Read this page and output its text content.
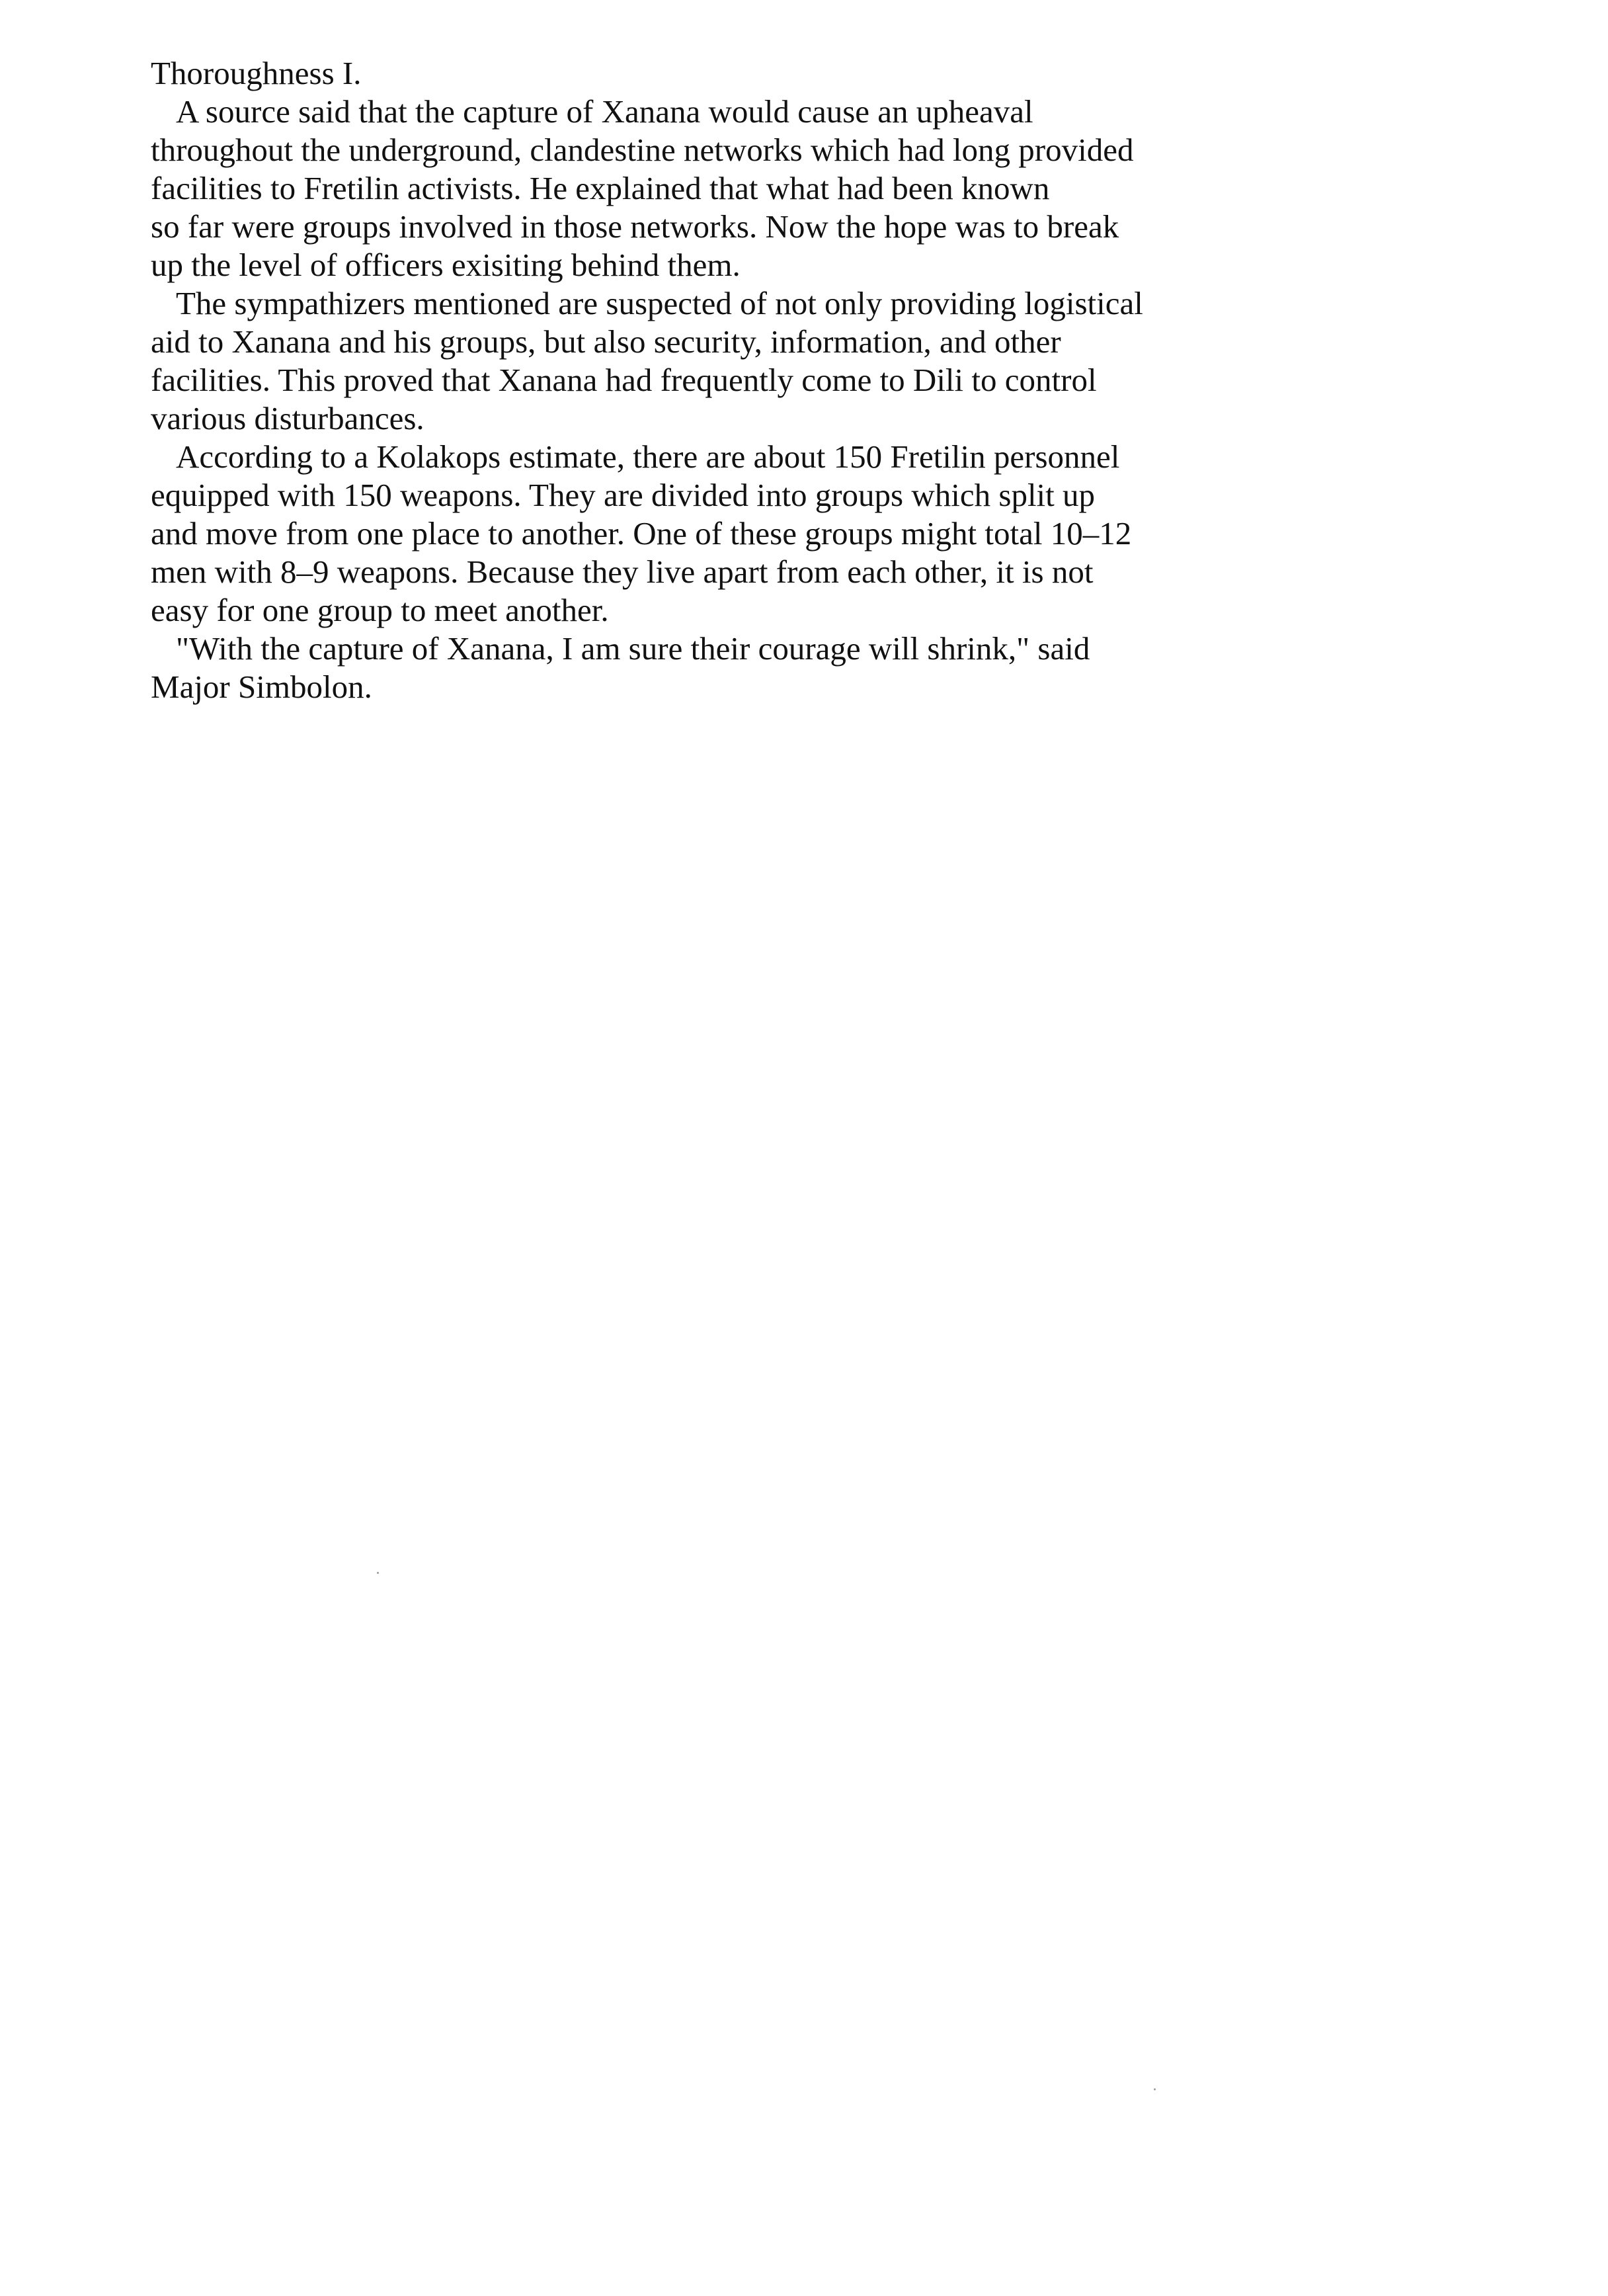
Thoroughness I.
A source said that the capture of Xanana would cause an upheaval
throughout the underground, clandestine networks which had long provided
facilities to Fretilin activists. He explained that what had been known
so far were groups involved in those networks. Now the hope was to break
up the level of officers exisiting behind them.
The sympathizers mentioned are suspected of not only providing logistical
aid to Xanana and his groups, but also security, information, and other
facilities. This proved that Xanana had frequently come to Dili to control
various disturbances.
According to a Kolakops estimate, there are about 150 Fretilin personnel
equipped with 150 weapons. They are divided into groups which split up
and move from one place to another. One of these groups might total 10–12
men with 8–9 weapons. Because they live apart from each other, it is not
easy for one group to meet another.
"With the capture of Xanana, I am sure their courage will shrink," said
Major Simbolon.
